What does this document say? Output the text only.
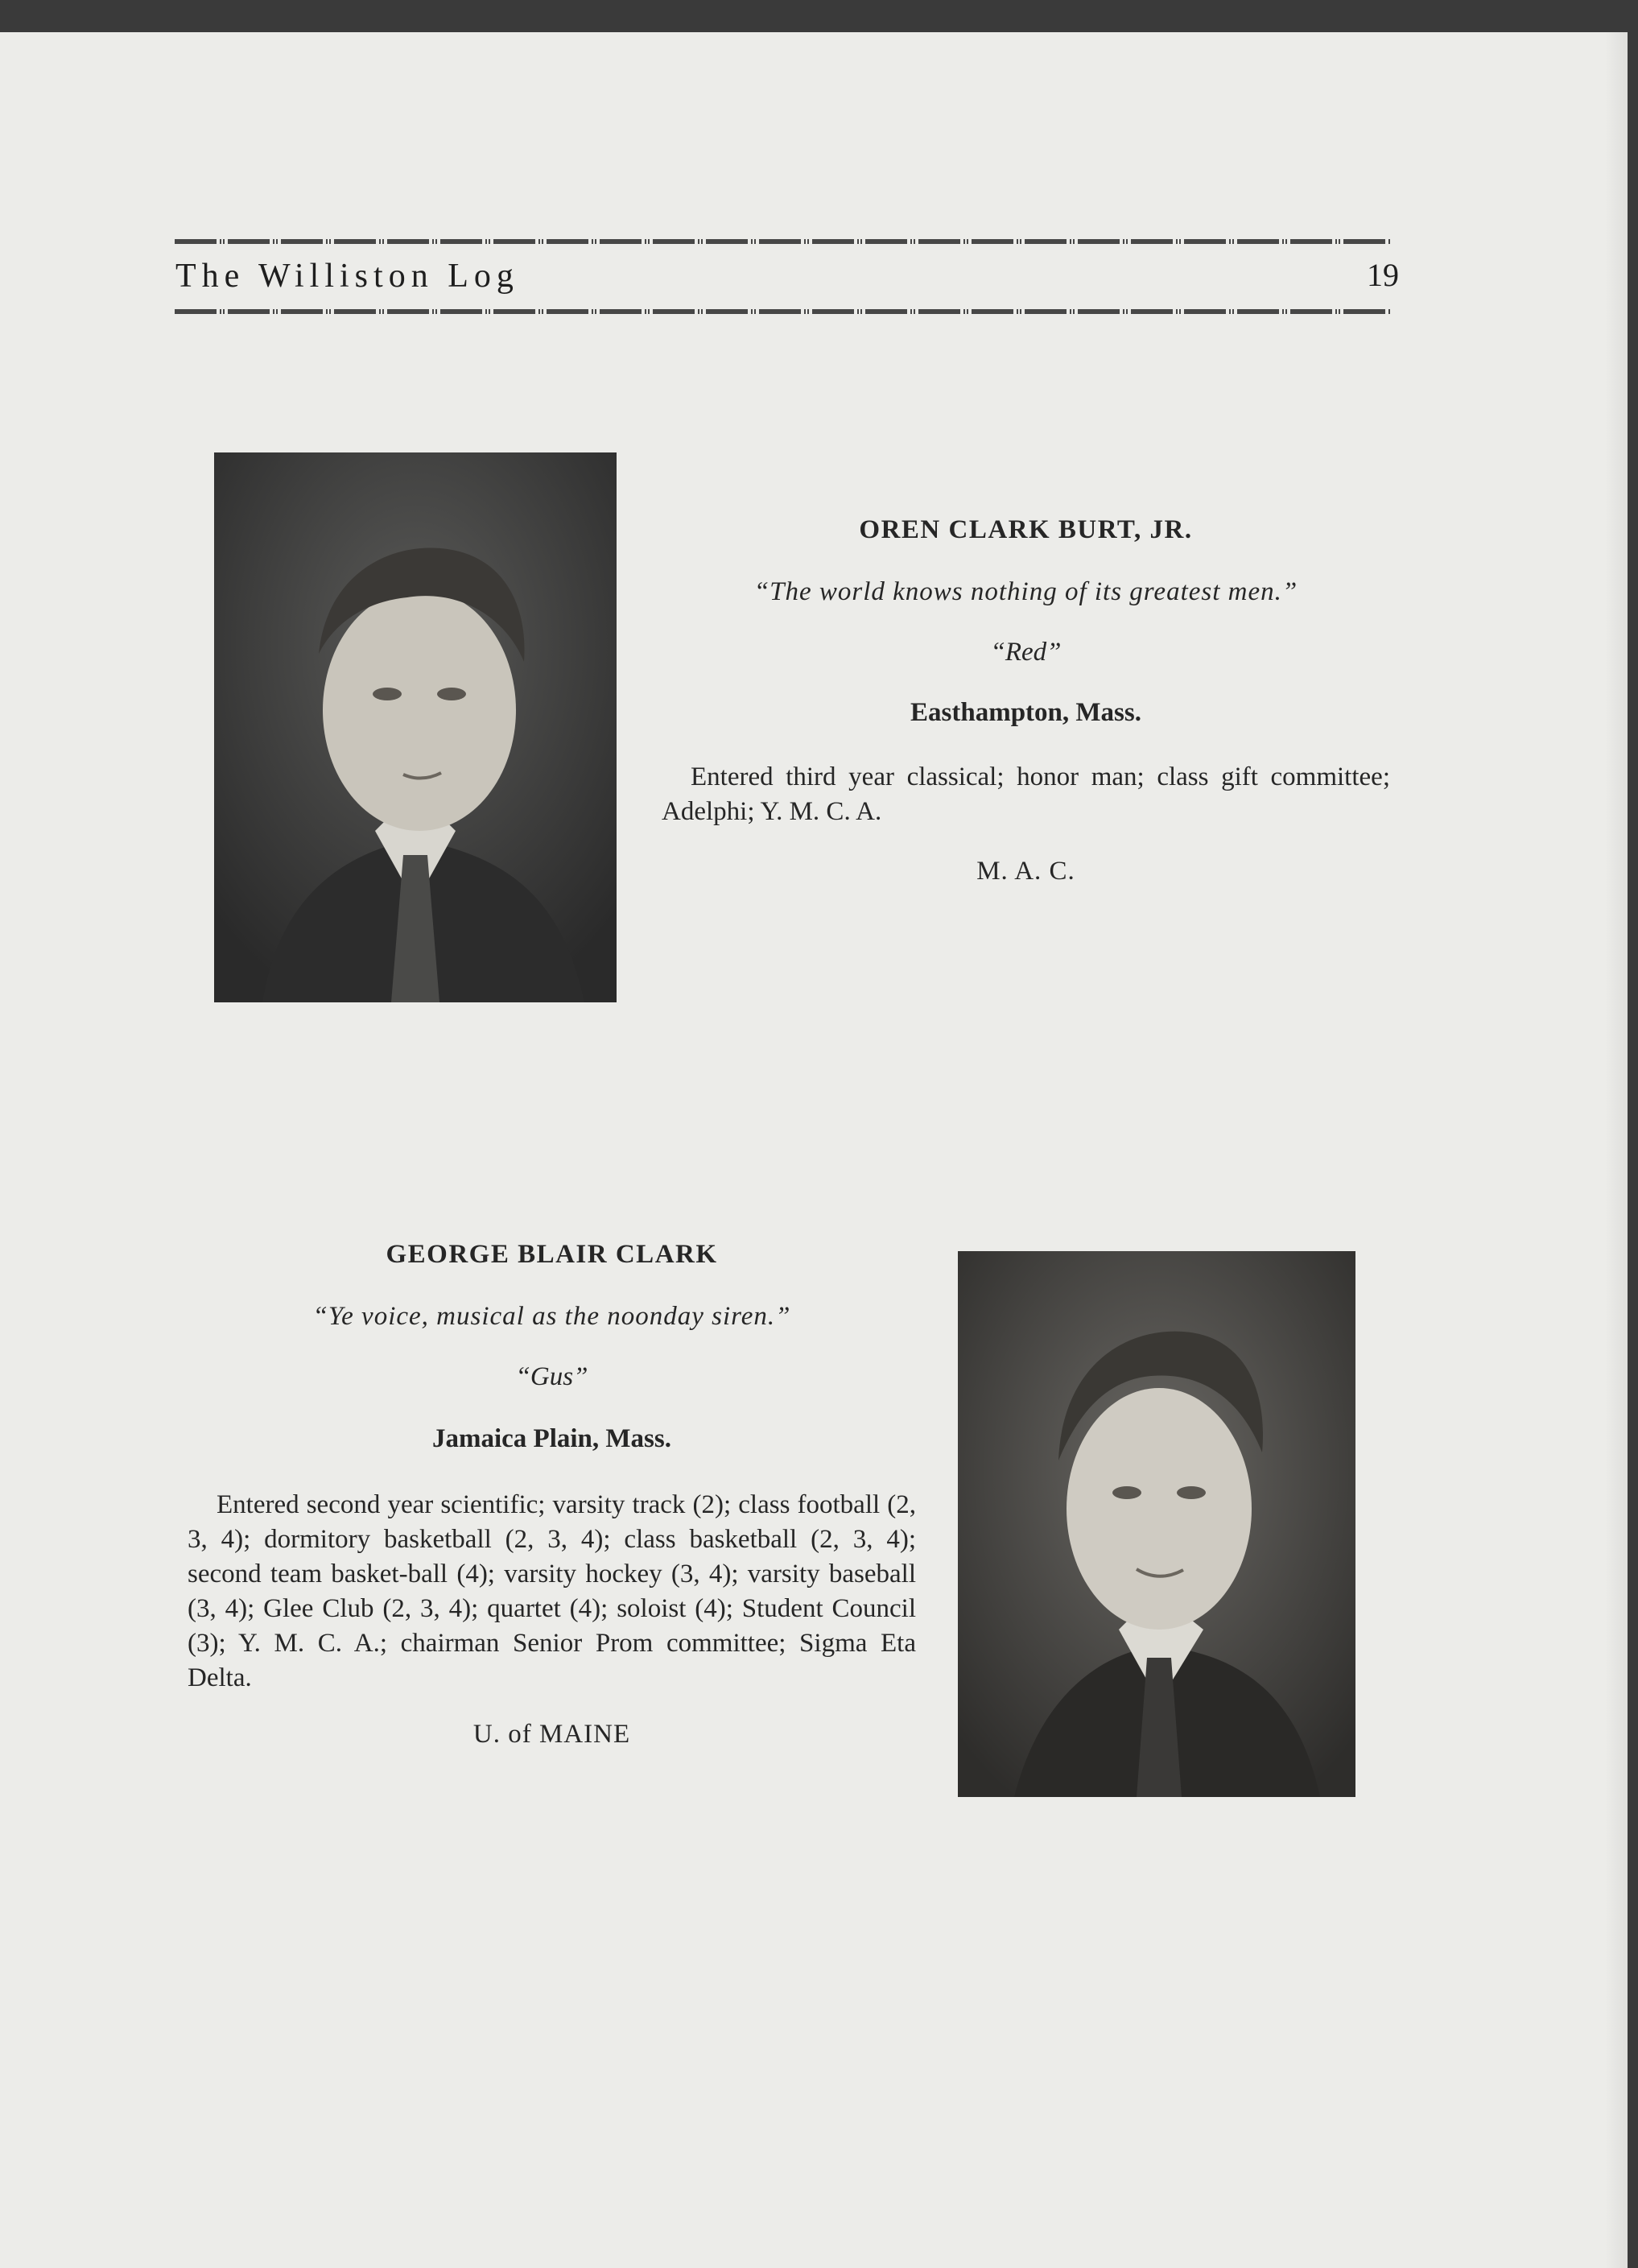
The Williston Log	19

OREN CLARK BURT, JR.

“The world knows nothing of its greatest men.”

“Red”

Easthampton, Mass.

Entered third year classical; honor man; class gift committee; Adelphi; Y. M. C. A.

M. A. C.

GEORGE BLAIR CLARK

“Ye voice, musical as the noonday siren.”

“Gus”

Jamaica Plain, Mass.

Entered second year scientific; varsity track (2); class football (2, 3, 4); dormitory basketball (2, 3, 4); class basketball (2, 3, 4); second team basket-ball (4); varsity hockey (3, 4); varsity baseball (3, 4); Glee Club (2, 3, 4); quartet (4); soloist (4); Student Council (3); Y. M. C. A.; chairman Senior Prom committee; Sigma Eta Delta.

U. of MAINE
